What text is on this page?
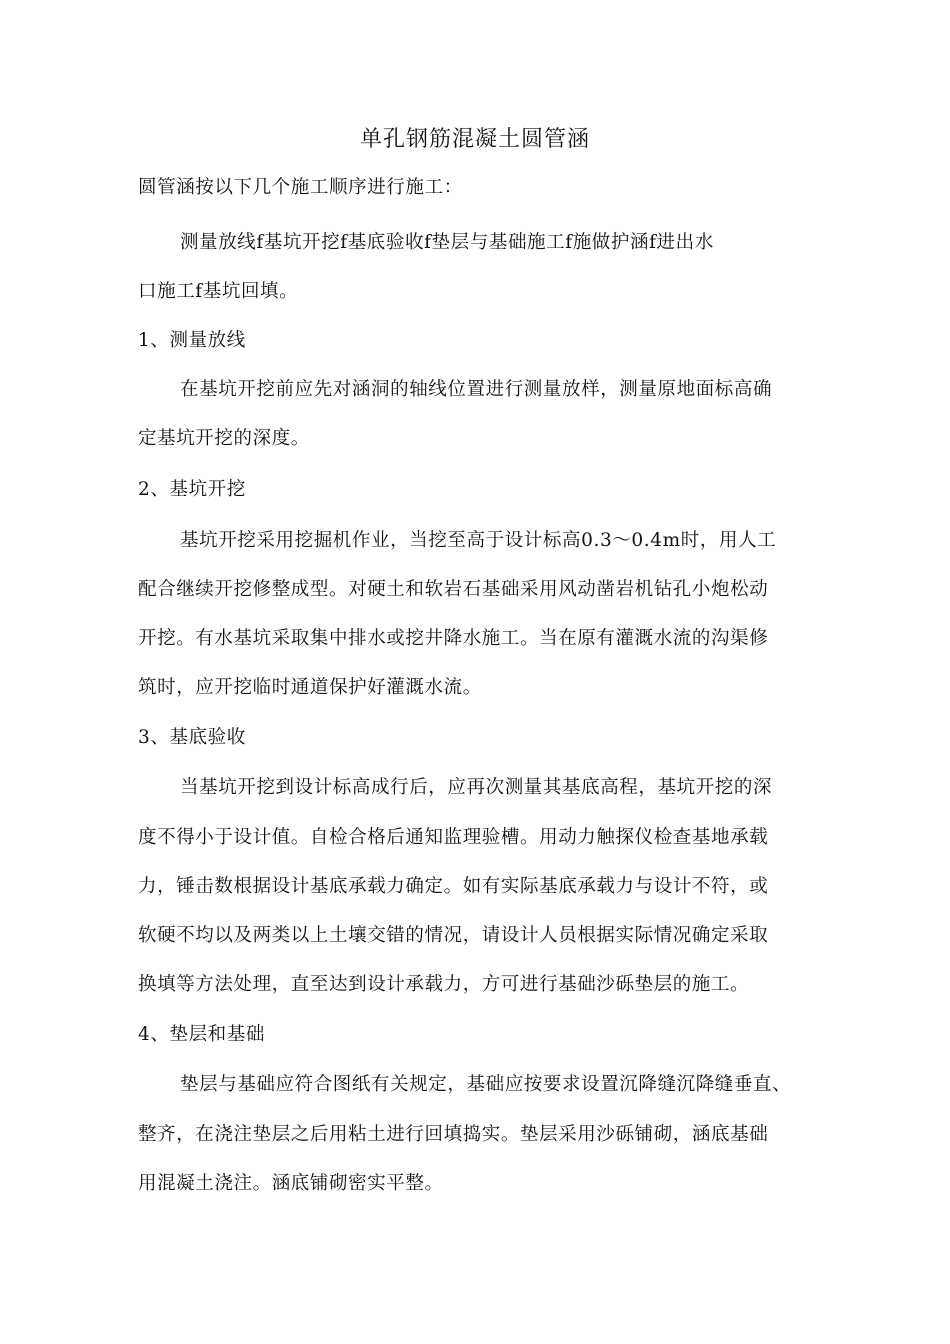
单孔钢筋混凝土圆管涵
圆管涵按以下几个施工顺序进行施工：
测量放线f基坑开挖f基底验收f垫层与基础施工f施做护涵f进出水
口施工f基坑回填。
1、测量放线
在基坑开挖前应先对涵洞的轴线位置进行测量放样，测量原地面标高确
定基坑开挖的深度。
2、基坑开挖
基坑开挖采用挖掘机作业，当挖至高于设计标高0.3〜0.4m时，用人工
配合继续开挖修整成型。对硬土和软岩石基础采用风动凿岩机钻孔小炮松动
开挖。有水基坑采取集中排水或挖井降水施工。当在原有灌溉水流的沟渠修
筑时，应开挖临时通道保护好灌溉水流。
3、基底验收
当基坑开挖到设计标高成行后，应再次测量其基底高程，基坑开挖的深
度不得小于设计值。自检合格后通知监理验槽。用动力触探仪检查基地承载
力，锤击数根据设计基底承载力确定。如有实际基底承载力与设计不符，或
软硬不均以及两类以上土壤交错的情况，请设计人员根据实际情况确定采取
换填等方法处理，直至达到设计承载力，方可进行基础沙砾垫层的施工。
4、垫层和基础
垫层与基础应符合图纸有关规定，基础应按要求设置沉降缝沉降缝垂直、
整齐，在浇注垫层之后用粘土进行回填捣实。垫层采用沙砾铺砌，涵底基础
用混凝土浇注。涵底铺砌密实平整。
